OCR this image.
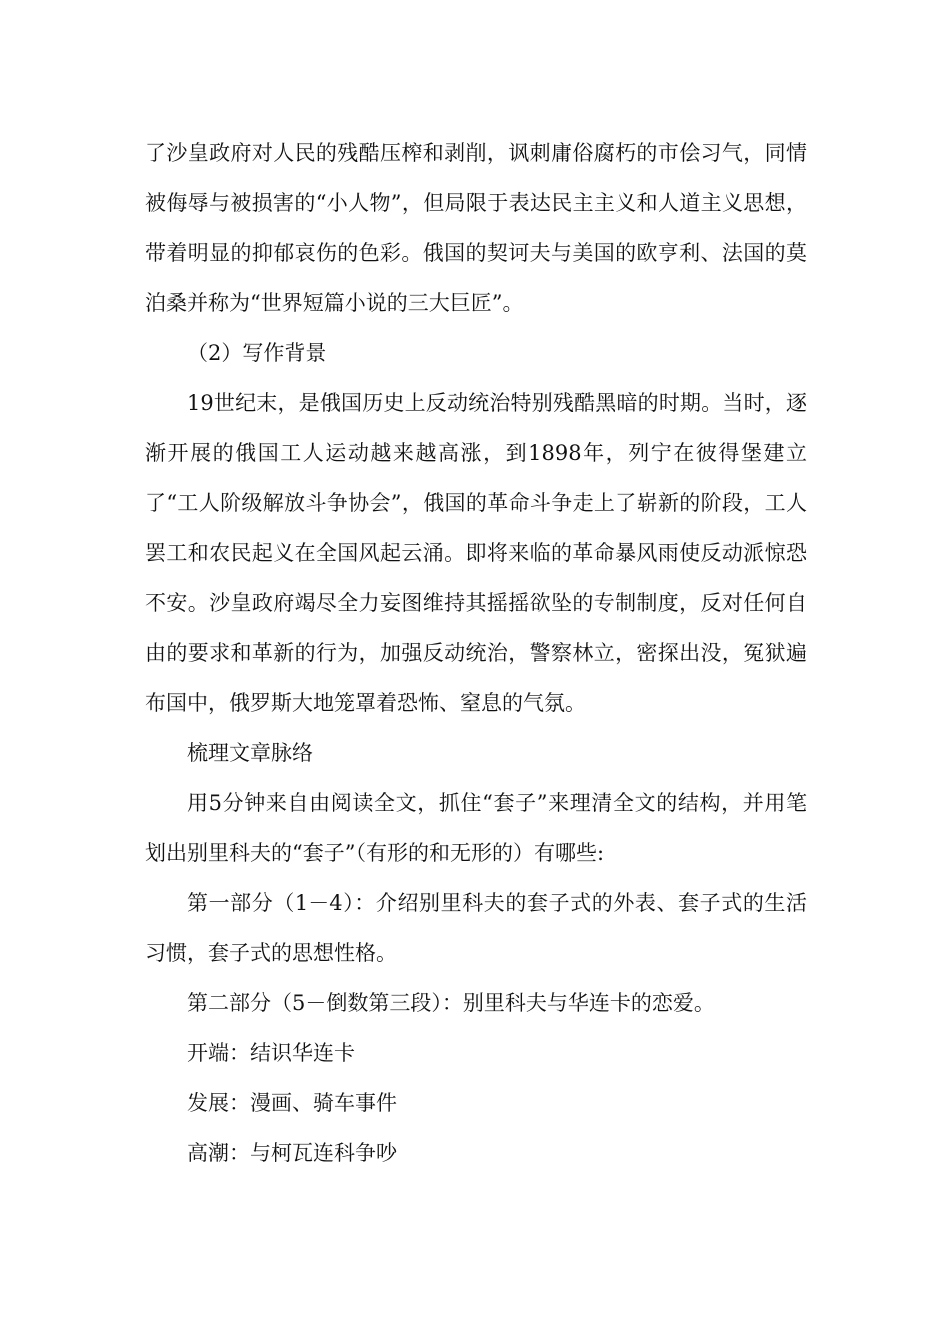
了沙皇政府对人民的残酷压榨和剥削，讽刺庸俗腐朽的市侩习气，同情被侮辱与被损害的“小人物”，但局限于表达民主主义和人道主义思想，带着明显的抑郁哀伤的色彩。俄国的契诃夫与美国的欧亨利、法国的莫泊桑并称为“世界短篇小说的三大巨匠”。

（2）写作背景

19世纪末，是俄国历史上反动统治特别残酷黑暗的时期。当时，逐渐开展的俄国工人运动越来越高涨，到1898年，列宁在彼得堡建立了“工人阶级解放斗争协会”，俄国的革命斗争走上了崭新的阶段，工人罢工和农民起义在全国风起云涌。即将来临的革命暴风雨使反动派惊恐不安。沙皇政府竭尽全力妄图维持其摇摇欲坠的专制制度，反对任何自由的要求和革新的行为，加强反动统治，警察林立，密探出没，冤狱遍布国中，俄罗斯大地笼罩着恐怖、窒息的气氛。

梳理文章脉络

用5分钟来自由阅读全文，抓住“套子”来理清全文的结构，并用笔划出别里科夫的“套子”（有形的和无形的）有哪些:

第一部分（1－4）：介绍别里科夫的套子式的外表、套子式的生活习惯，套子式的思想性格。

第二部分（5－倒数第三段）：别里科夫与华连卡的恋爱。

开端：结识华连卡

发展：漫画、骑车事件

高潮：与柯瓦连科争吵
